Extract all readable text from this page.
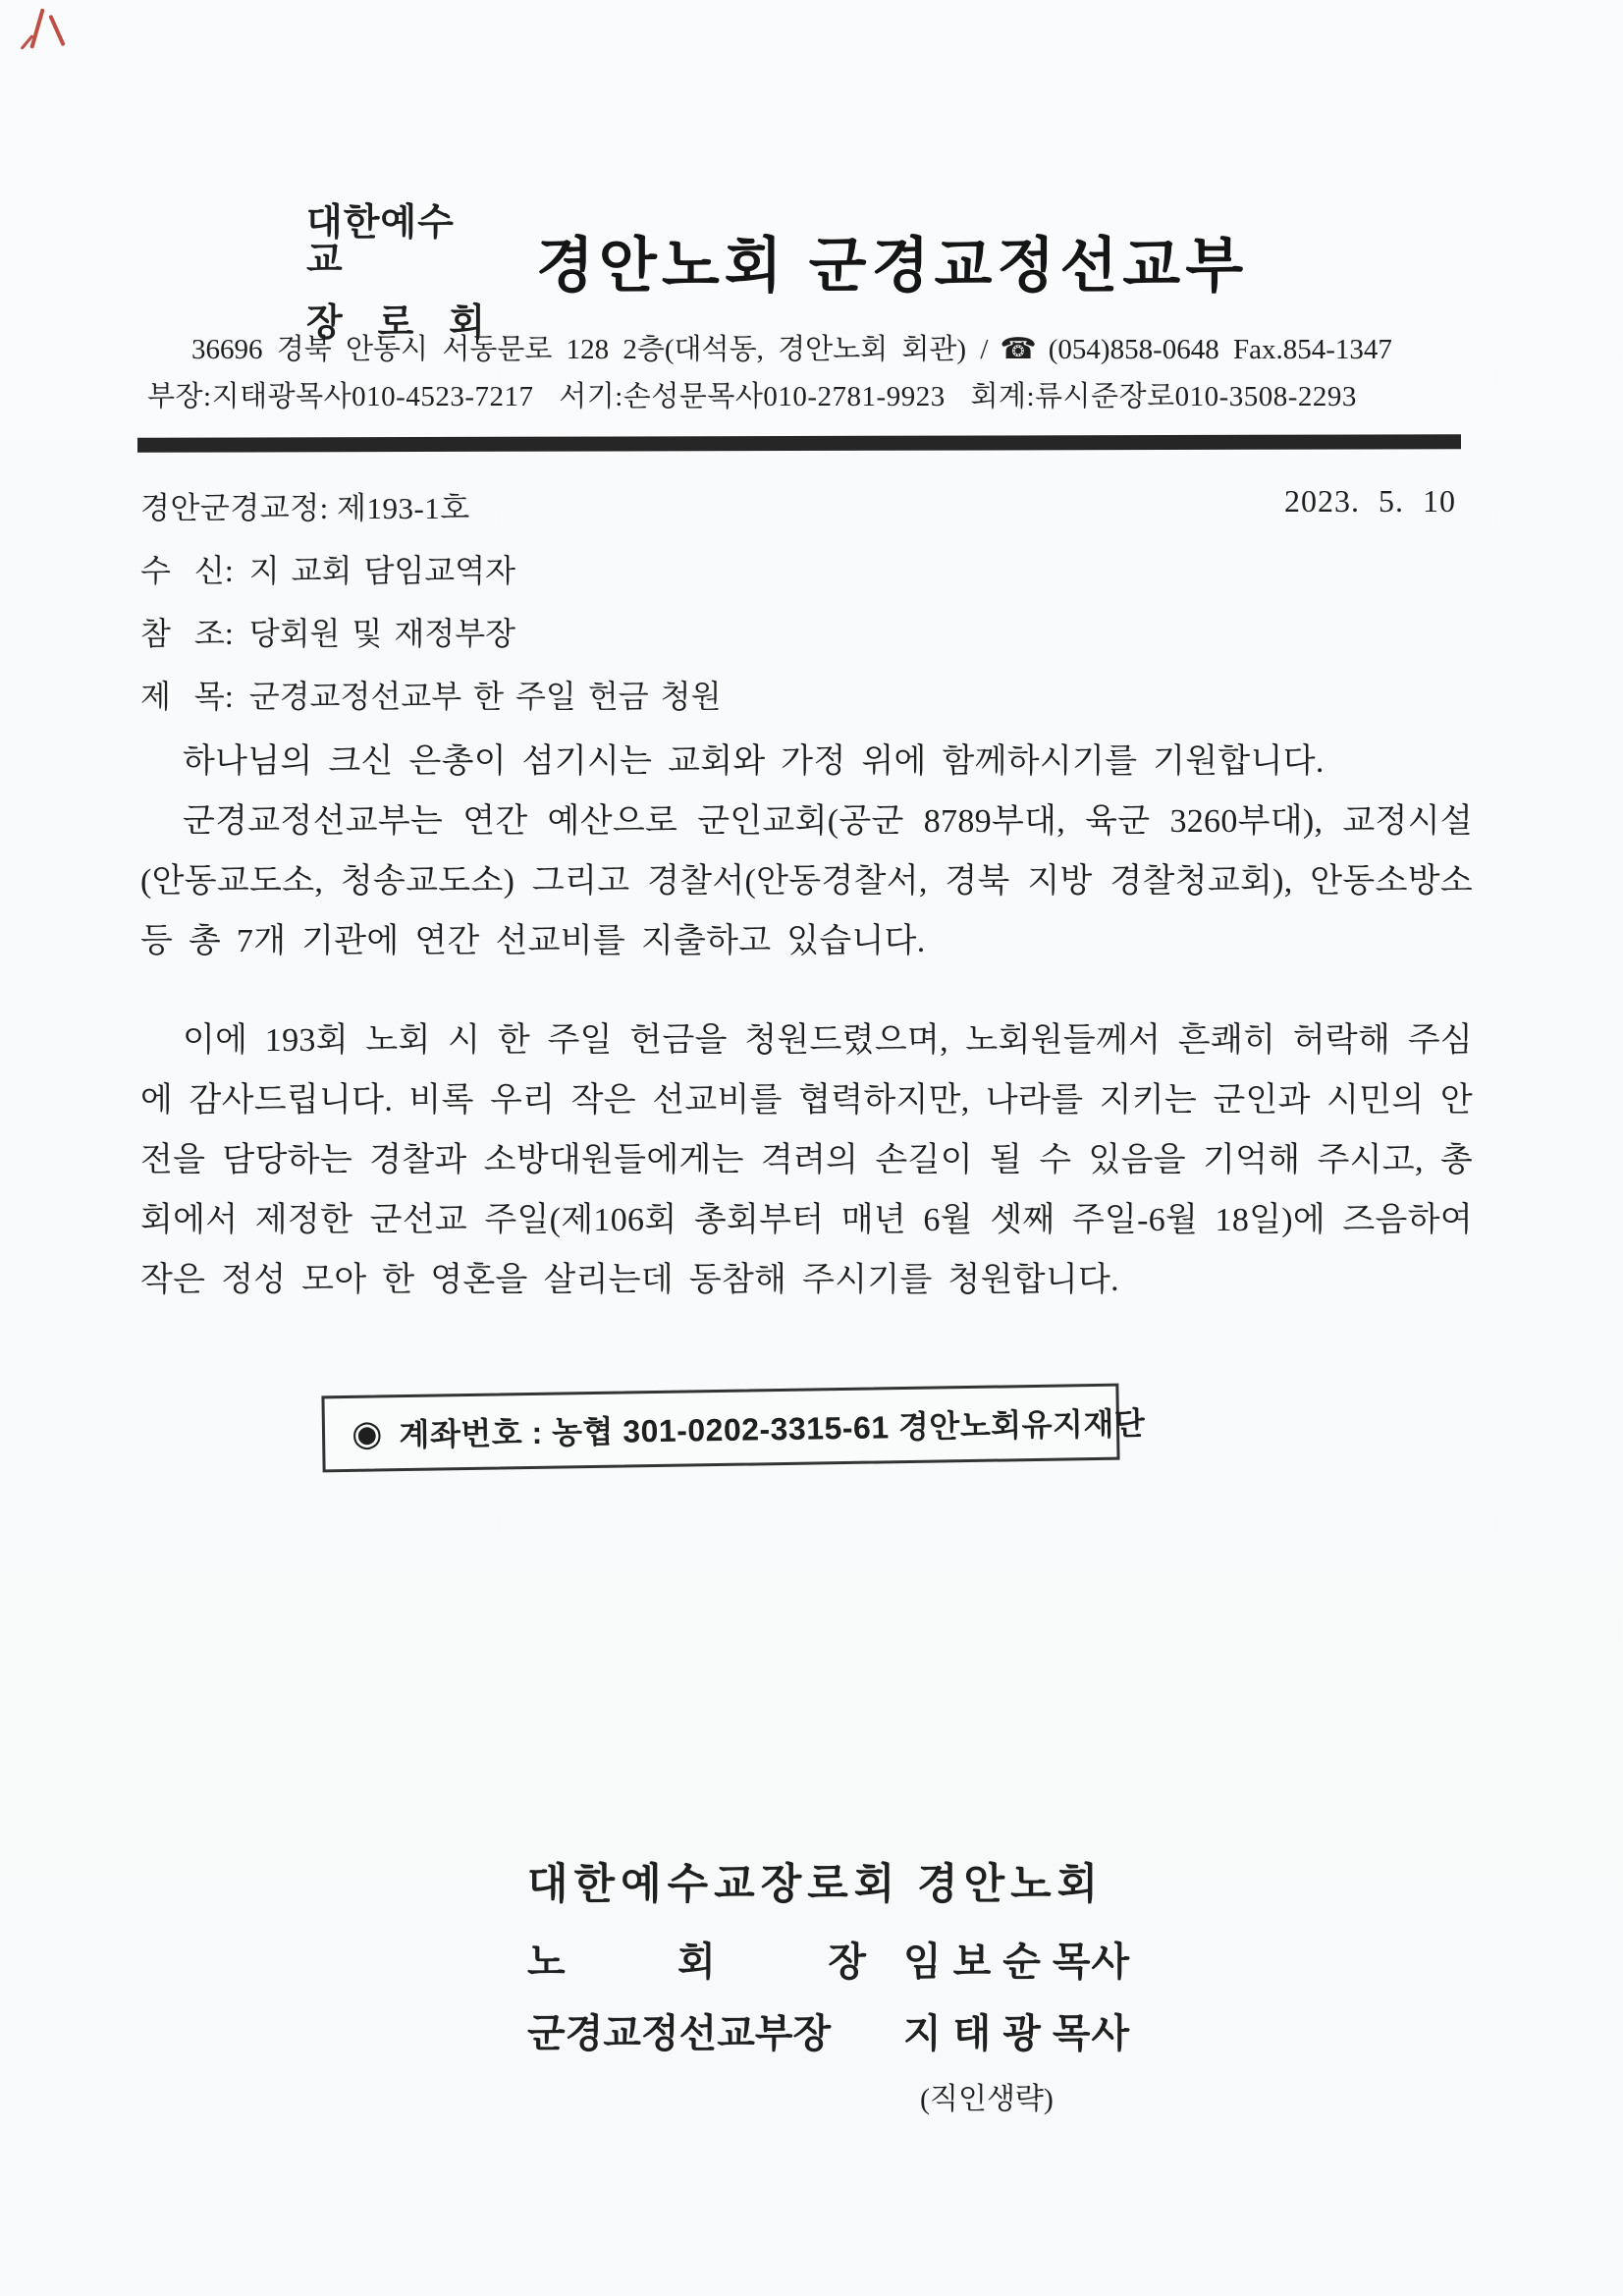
대한예수교
장 로 회
경안노회 군경교정선교부
36696 경북 안동시 서동문로 128 2층(대석동, 경안노회 회관) / ☎ (054)858-0648 Fax.854-1347
부장:지태광목사010-4523-7217 서기:손성문목사010-2781-9923 회계:류시준장로010-3508-2293
경안군경교정: 제193-1호	2023. 5. 10
수   신: 지 교회 담임교역자
참   조: 당회원 및 재정부장
제   목: 군경교정선교부 한 주일 헌금 청원

하나님의 크신 은총이 섬기시는 교회와 가정 위에 함께하시기를 기원합니다.

군경교정선교부는 연간 예산으로 군인교회(공군 8789부대, 육군 3260부대), 교정시설(안동교도소, 청송교도소) 그리고 경찰서(안동경찰서, 경북 지방 경찰청교회), 안동소방소 등 총 7개 기관에 연간 선교비를 지출하고 있습니다.

이에 193회 노회 시 한 주일 헌금을 청원드렸으며, 노회원들께서 흔쾌히 허락해 주심에 감사드립니다. 비록 우리 작은 선교비를 협력하지만, 나라를 지키는 군인과 시민의 안전을 담당하는 경찰과 소방대원들에게는 격려의 손길이 될 수 있음을 기억해 주시고, 총회에서 제정한 군선교 주일(제106회 총회부터 매년 6월 셋째 주일-6월 18일)에 즈음하여 작은 정성 모아 한 영혼을 살리는데 동참해 주시기를 청원합니다.

◉ 계좌번호 : 농협 301-0202-3315-61 경안노회유지재단
대한예수교장로회 경안노회
노 회 장 임 보 순 목사
군경교정선교부장	지 태 광 목사
(직인생략)
